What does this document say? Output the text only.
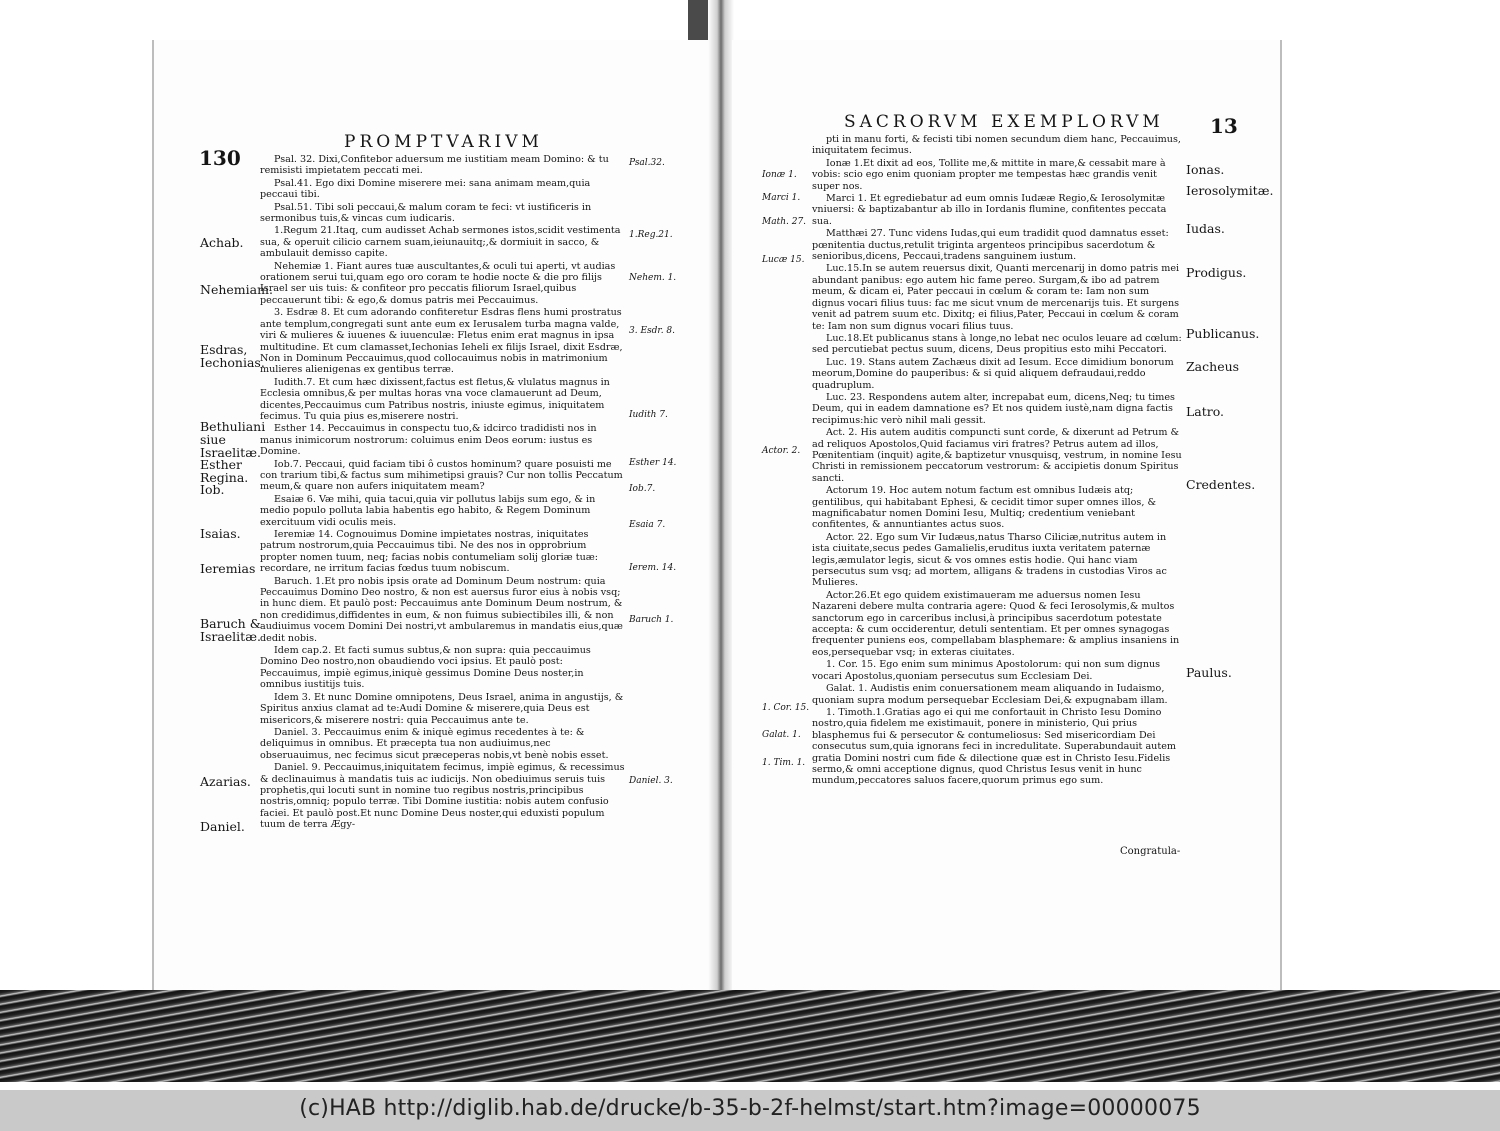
130
PROMPTVARIVM

Psal. 32. Dixi,Confitebor aduersum me iustitiam meam Domino: & tu remisisti impietatem peccati mei.

Psal.41. Ego dixi Domine miserere mei: sana animam meam,quia peccaui tibi.

Psal.51. Tibi soli peccaui,& malum coram te feci: vt iustificeris in sermonibus tuis,& vincas cum iudicaris.

1.Regum 21.Itaq, cum audisset Achab sermones istos,scidit vestimenta sua, & operuit cilicio carnem suam,ieiunauitq;,& dormiuit in sacco, & ambulauit demisso capite.

Nehemiæ 1. Fiant aures tuæ auscultantes,& oculi tui aperti, vt audias orationem serui tui,quam ego oro coram te hodie nocte & die pro filijs Israel ser uis tuis: & confiteor pro peccatis filiorum Israel,quibus peccauerunt tibi: & ego,& domus patris mei Peccauimus.

3. Esdræ 8. Et cum adorando confiteretur Esdras flens humi prostratus ante templum,congregati sunt ante eum ex Ierusalem turba magna valde, viri & mulieres & iuuenes & iuuenculæ: Fletus enim erat magnus in ipsa multitudine. Et cum clamasset,Iechonias Ieheli ex filijs Israel, dixit Esdræ, Non in Dominum Peccauimus,quod collocauimus nobis in matrimonium mulieres alienigenas ex gentibus terræ.

Iudith.7. Et cum hæc dixissent,factus est fletus,& vlulatus magnus in Ecclesia omnibus,& per multas horas vna voce clamauerunt ad Deum, dicentes,Peccauimus cum Patribus nostris, iniuste egimus, iniquitatem fecimus. Tu quia pius es,miserere nostri.

Esther 14. Peccauimus in conspectu tuo,& idcirco tradidisti nos in manus inimicorum nostrorum: coluimus enim Deos eorum: iustus es Domine.

Iob.7. Peccaui, quid faciam tibi ô custos hominum? quare posuisti me con trarium tibi,& factus sum mihimetipsi grauis? Cur non tollis Peccatum meum,& quare non aufers iniquitatem meam?

Esaiæ 6. Væ mihi, quia tacui,quia vir pollutus labijs sum ego, & in medio populo polluta labia habentis ego habito, & Regem Dominum exercituum vidi oculis meis.

Ieremiæ 14. Cognouimus Domine impietates nostras, iniquitates patrum nostrorum,quia Peccauimus tibi. Ne des nos in opprobrium propter nomen tuum, neq; facias nobis contumeliam solij gloriæ tuæ: recordare, ne irritum facias fœdus tuum nobiscum.

Baruch. 1.Et pro nobis ipsis orate ad Dominum Deum nostrum: quia Peccauimus Domino Deo nostro, & non est auersus furor eius à nobis vsq; in hunc diem. Et paulò post: Peccauimus ante Dominum Deum nostrum, & non credidimus,diffidentes in eum, & non fuimus subiectibiles illi, & non audiuimus vocem Domini Dei nostri,vt ambularemus in mandatis eius,quæ dedit nobis.

Idem cap.2. Et facti sumus subtus,& non supra: quia peccauimus Domino Deo nostro,non obaudiendo voci ipsius. Et paulò post: Peccauimus, impiè egimus,iniquè gessimus Domine Deus noster,in omnibus iustitijs tuis.

Idem 3. Et nunc Domine omnipotens, Deus Israel, anima in angustijs, & Spiritus anxius clamat ad te:Audi Domine & miserere,quia Deus est misericors,& miserere nostri: quia Peccauimus ante te.

Daniel. 3. Peccauimus enim & iniquè egimus recedentes à te: & deliquimus in omnibus. Et præcepta tua non audiuimus,nec obseruauimus, nec fecimus sicut præceperas nobis,vt benè nobis esset.

Daniel. 9. Peccauimus,iniquitatem fecimus, impiè egimus, & recessimus & declinauimus à mandatis tuis ac iudicijs. Non obediuimus seruis tuis prophetis,qui locuti sunt in nomine tuo regibus nostris,principibus nostris,omniq; populo terræ. Tibi Domine iustitia: nobis autem confusio faciei. Et paulò post.Et nunc Domine Deus noster,qui eduxisti populum tuum de terra Ægy-

Achab.
Nehemiam.
Esdras, Iechonias.
Bethuliani siue Israelitæ.
Esther Regina.
Iob.
Isaias.
Ieremias
Baruch & Israelitæ.
Azarias.
Daniel.
Psal.32.
1.Reg.21.
Nehem. 1.
3. Esdr. 8.
Iudith 7.
Esther 14.
Iob.7.
Esaia 7.
Ierem. 14.
Baruch 1.
Daniel. 3.
SACRORVM EXEMPLORVM 13

pti in manu forti, & fecisti tibi nomen secundum diem hanc, Peccauimus, iniquitatem fecimus.

Ionæ 1.Et dixit ad eos, Tollite me,& mittite in mare,& cessabit mare à vobis: scio ego enim quoniam propter me tempestas hæc grandis venit super nos.

Marci 1. Et egrediebatur ad eum omnis Iudææ Regio,& Ierosolymitæ vniuersi: & baptizabantur ab illo in Iordanis flumine, confitentes peccata sua.

Matthæi 27. Tunc videns Iudas,qui eum tradidit quod damnatus esset: pœnitentia ductus,retulit triginta argenteos principibus sacerdotum & senioribus,dicens, Peccaui,tradens sanguinem iustum.

Luc.15.In se autem reuersus dixit, Quanti mercenarij in domo patris mei abundant panibus: ego autem hic fame pereo. Surgam,& ibo ad patrem meum, & dicam ei, Pater peccaui in cœlum & coram te: Iam non sum dignus vocari filius tuus: fac me sicut vnum de mercenarijs tuis. Et surgens venit ad patrem suum etc. Dixitq; ei filius,Pater, Peccaui in cœlum & coram te: Iam non sum dignus vocari filius tuus.

Luc.18.Et publicanus stans à longe,no lebat nec oculos leuare ad cœlum: sed percutiebat pectus suum, dicens, Deus propitius esto mihi Peccatori.

Luc. 19. Stans autem Zachæus dixit ad Iesum. Ecce dimidium bonorum meorum,Domine do pauperibus: & si quid aliquem defraudaui,reddo quadruplum.

Luc. 23. Respondens autem alter, increpabat eum, dicens,Neq; tu times Deum, qui in eadem damnatione es? Et nos quidem iustè,nam digna factis recipimus:hic verò nihil mali gessit.

Act. 2. His autem auditis compuncti sunt corde, & dixerunt ad Petrum & ad reliquos Apostolos,Quid faciamus viri fratres? Petrus autem ad illos, Pœnitentiam (inquit) agite,& baptizetur vnusquisq, vestrum, in nomine Iesu Christi in remissionem peccatorum vestrorum: & accipietis donum Spiritus sancti.

Actorum 19. Hoc autem notum factum est omnibus Iudæis atq; gentilibus, qui habitabant Ephesi, & cecidit timor super omnes illos, & magnificabatur nomen Domini Iesu, Multiq; credentium veniebant confitentes, & annuntiantes actus suos.

Actor. 22. Ego sum Vir Iudæus,natus Tharso Ciliciæ,nutritus autem in ista ciuitate,secus pedes Gamalielis,eruditus iuxta veritatem paternæ legis,æmulator legis, sicut & vos omnes estis hodie. Qui hanc viam persecutus sum vsq; ad mortem, alligans & tradens in custodias Viros ac Mulieres.

Actor.26.Et ego quidem existimaueram me aduersus nomen Iesu Nazareni debere multa contraria agere: Quod & feci Ierosolymis,& multos sanctorum ego in carceribus inclusi,à principibus sacerdotum potestate accepta: & cum occiderentur, detuli sententiam. Et per omnes synagogas frequenter puniens eos, compellabam blasphemare: & amplius insaniens in eos,persequebar vsq; in exteras ciuitates.

1. Cor. 15. Ego enim sum minimus Apostolorum: qui non sum dignus vocari Apostolus,quoniam persecutus sum Ecclesiam Dei.

Galat. 1. Audistis enim conuersationem meam aliquando in Iudaismo, quoniam supra modum persequebar Ecclesiam Dei,& expugnabam illam.

1. Timoth.1.Gratias ago ei qui me confortauit in Christo Iesu Domino nostro,quia fidelem me existimauit, ponere in ministerio, Qui prius blasphemus fui & persecutor & contumeliosus: Sed misericordiam Dei consecutus sum,quia ignorans feci in incredulitate. Superabundauit autem gratia Domini nostri cum fide & dilectione quæ est in Christo Iesu.Fidelis sermo,& omni acceptione dignus, quod Christus Iesus venit in hunc mundum,peccatores saluos facere,quorum primus ego sum.

Congratula-
Ionas.
Ierosolymitæ.
Iudas.
Prodigus.
Publicanus.
Zacheus
Latro.
Credentes.
Paulus.
Ionæ 1.
Marci 1.
Math. 27.
Lucæ 15.
Actor. 2.
1. Cor. 15.
Galat. 1.
1. Tim. 1.
(c)HAB http://diglib.hab.de/drucke/b-35-b-2f-helmst/start.htm?image=00000075
